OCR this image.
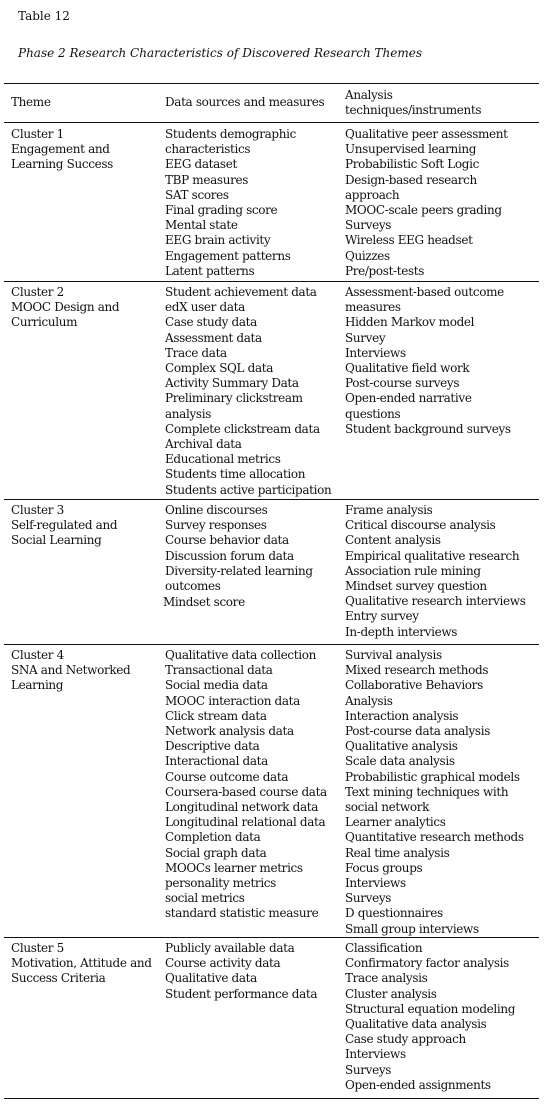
Table 12
Phase 2 Research Characteristics of Discovered Research Themes
Theme	Data sources and measures Analysis
techniques/instruments
Cluster 1
Engagement and
Learning Success
Students demographic
characteristics
EEG dataset
TBP measures
SAT scores
Final grading score
Mental state
EEG brain activity
Engagement patterns
Latent patterns
Qualitative peer assessment
Unsupervised learning
Probabilistic Soft Logic
Design-based research
approach
MOOC-scale peers grading
Surveys
Wireless EEG headset
Quizzes
Pre/post-tests
Cluster 2
MOOC Design and
Curriculum
Student achievement data
edX user data
Case study data
Assessment data
Trace data
Complex SQL data
Activity Summary Data
Preliminary clickstream
analysis
Complete clickstream data
Archival data
Educational metrics
Students time allocation
Students active participation
Assessment-based outcome
measures
Hidden Markov model
Survey
Interviews
Qualitative field work
Post-course surveys
Open-ended narrative
questions
Student background surveys
Cluster 3
Self-regulated and
Social Learning
Online discourses
Survey responses
Course behavior data
Discussion forum data
Diversity-related learning
outcomes
Mindset score
Frame analysis
Critical discourse analysis
Content analysis
Empirical qualitative research
Association rule mining
Mindset survey question
Qualitative research interviews
Entry survey
In-depth interviews
Cluster 4
SNA and Networked
Learning
Qualitative data collection
Transactional data
Social media data
MOOC interaction data
Click stream data
Network analysis data
Descriptive data
Interactional data
Course outcome data
Coursera-based course data
Longitudinal network data
Longitudinal relational data
Completion data
Social graph data
MOOCs learner metrics
personality metrics
social metrics
standard statistic measure
Survival analysis
Mixed research methods
Collaborative Behaviors
Analysis
Interaction analysis
Post-course data analysis
Qualitative analysis
Scale data analysis
Probabilistic graphical models
Text mining techniques with
social network
Learner analytics
Quantitative research methods
Real time analysis
Focus groups
Interviews
Surveys
D questionnaires
Small group interviews
Cluster 5
Motivation, Attitude and
Success Criteria
Publicly available data
Course activity data
Qualitative data
Student performance data
Classification
Confirmatory factor analysis
Trace analysis
Cluster analysis
Structural equation modeling
Qualitative data analysis
Case study approach
Interviews
Surveys
Open-ended assignments
